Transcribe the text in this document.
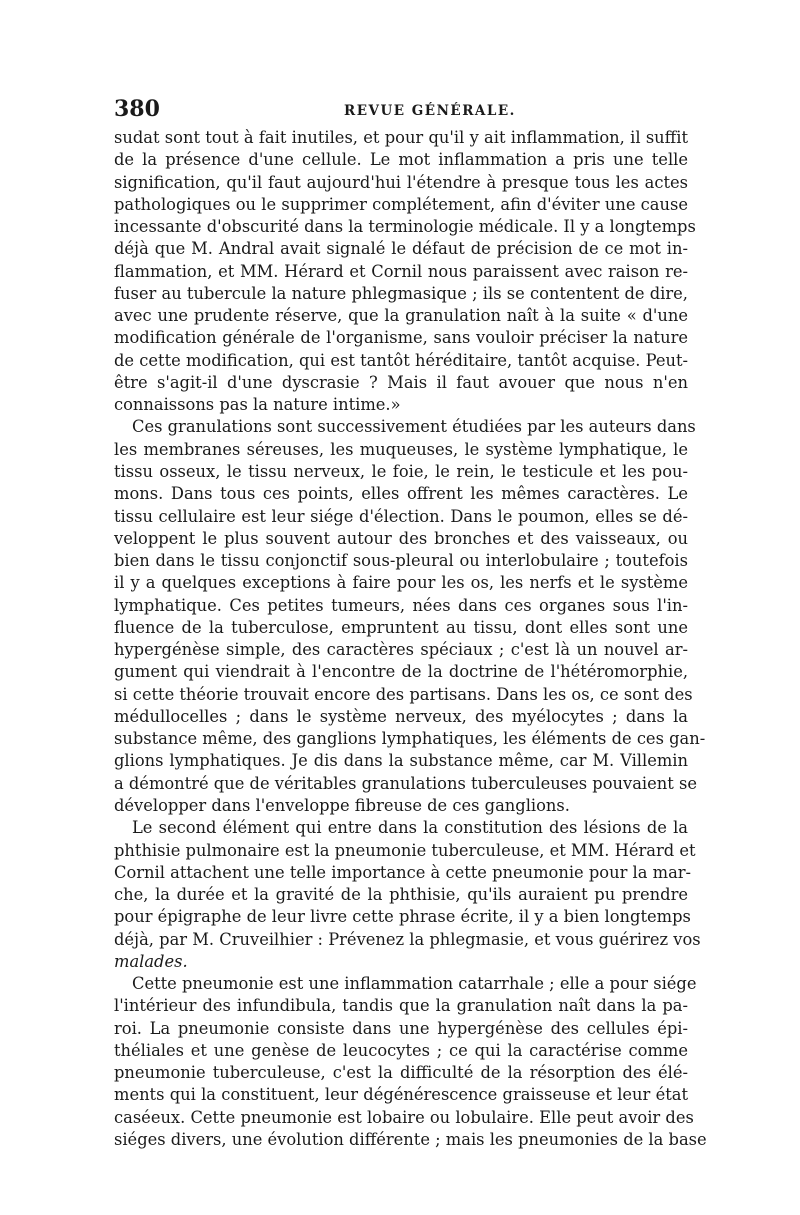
380	REVUE GÉNÉRALE.
sudat sont tout à fait inutiles, et pour qu'il y ait inflammation, il suffit
de la présence d'une cellule. Le mot inflammation a pris une telle
signification, qu'il faut aujourd'hui l'étendre à presque tous les actes
pathologiques ou le supprimer complétement, afin d'éviter une cause
incessante d'obscurité dans la terminologie médicale. Il y a longtemps
déjà que M. Andral avait signalé le défaut de précision de ce mot in-
flammation, et MM. Hérard et Cornil nous paraissent avec raison re-
fuser au tubercule la nature phlegmasique ; ils se contentent de dire,
avec une prudente réserve, que la granulation naît à la suite « d'une
modification générale de l'organisme, sans vouloir préciser la nature
de cette modification, qui est tantôt héréditaire, tantôt acquise. Peut-
être s'agit-il d'une dyscrasie ? Mais il faut avouer que nous n'en
connaissons pas la nature intime.»
Ces granulations sont successivement étudiées par les auteurs dans
les membranes séreuses, les muqueuses, le système lymphatique, le
tissu osseux, le tissu nerveux, le foie, le rein, le testicule et les pou-
mons. Dans tous ces points, elles offrent les mêmes caractères. Le
tissu cellulaire est leur siége d'élection. Dans le poumon, elles se dé-
veloppent le plus souvent autour des bronches et des vaisseaux, ou
bien dans le tissu conjonctif sous-pleural ou interlobulaire ; toutefois
il y a quelques exceptions à faire pour les os, les nerfs et le système
lymphatique. Ces petites tumeurs, nées dans ces organes sous l'in-
fluence de la tuberculose, empruntent au tissu, dont elles sont une
hypergénèse simple, des caractères spéciaux ; c'est là un nouvel ar-
gument qui viendrait à l'encontre de la doctrine de l'hétéromorphie,
si cette théorie trouvait encore des partisans. Dans les os, ce sont des
médullocelles ; dans le système nerveux, des myélocytes ; dans la
substance même, des ganglions lymphatiques, les éléments de ces gan-
glions lymphatiques. Je dis dans la substance même, car M. Villemin
a démontré que de véritables granulations tuberculeuses pouvaient se
développer dans l'enveloppe fibreuse de ces ganglions.
Le second élément qui entre dans la constitution des lésions de la
phthisie pulmonaire est la pneumonie tuberculeuse, et MM. Hérard et
Cornil attachent une telle importance à cette pneumonie pour la mar-
che, la durée et la gravité de la phthisie, qu'ils auraient pu prendre
pour épigraphe de leur livre cette phrase écrite, il y a bien longtemps
déjà, par M. Cruveilhier : Prévenez la phlegmasie, et vous guérirez vos
malades.
Cette pneumonie est une inflammation catarrhale ; elle a pour siége
l'intérieur des infundibula, tandis que la granulation naît dans la pa-
roi. La pneumonie consiste dans une hypergénèse des cellules épi-
théliales et une genèse de leucocytes ; ce qui la caractérise comme
pneumonie tuberculeuse, c'est la difficulté de la résorption des élé-
ments qui la constituent, leur dégénérescence graisseuse et leur état
caséeux. Cette pneumonie est lobaire ou lobulaire. Elle peut avoir des
siéges divers, une évolution différente ; mais les pneumonies de la base
